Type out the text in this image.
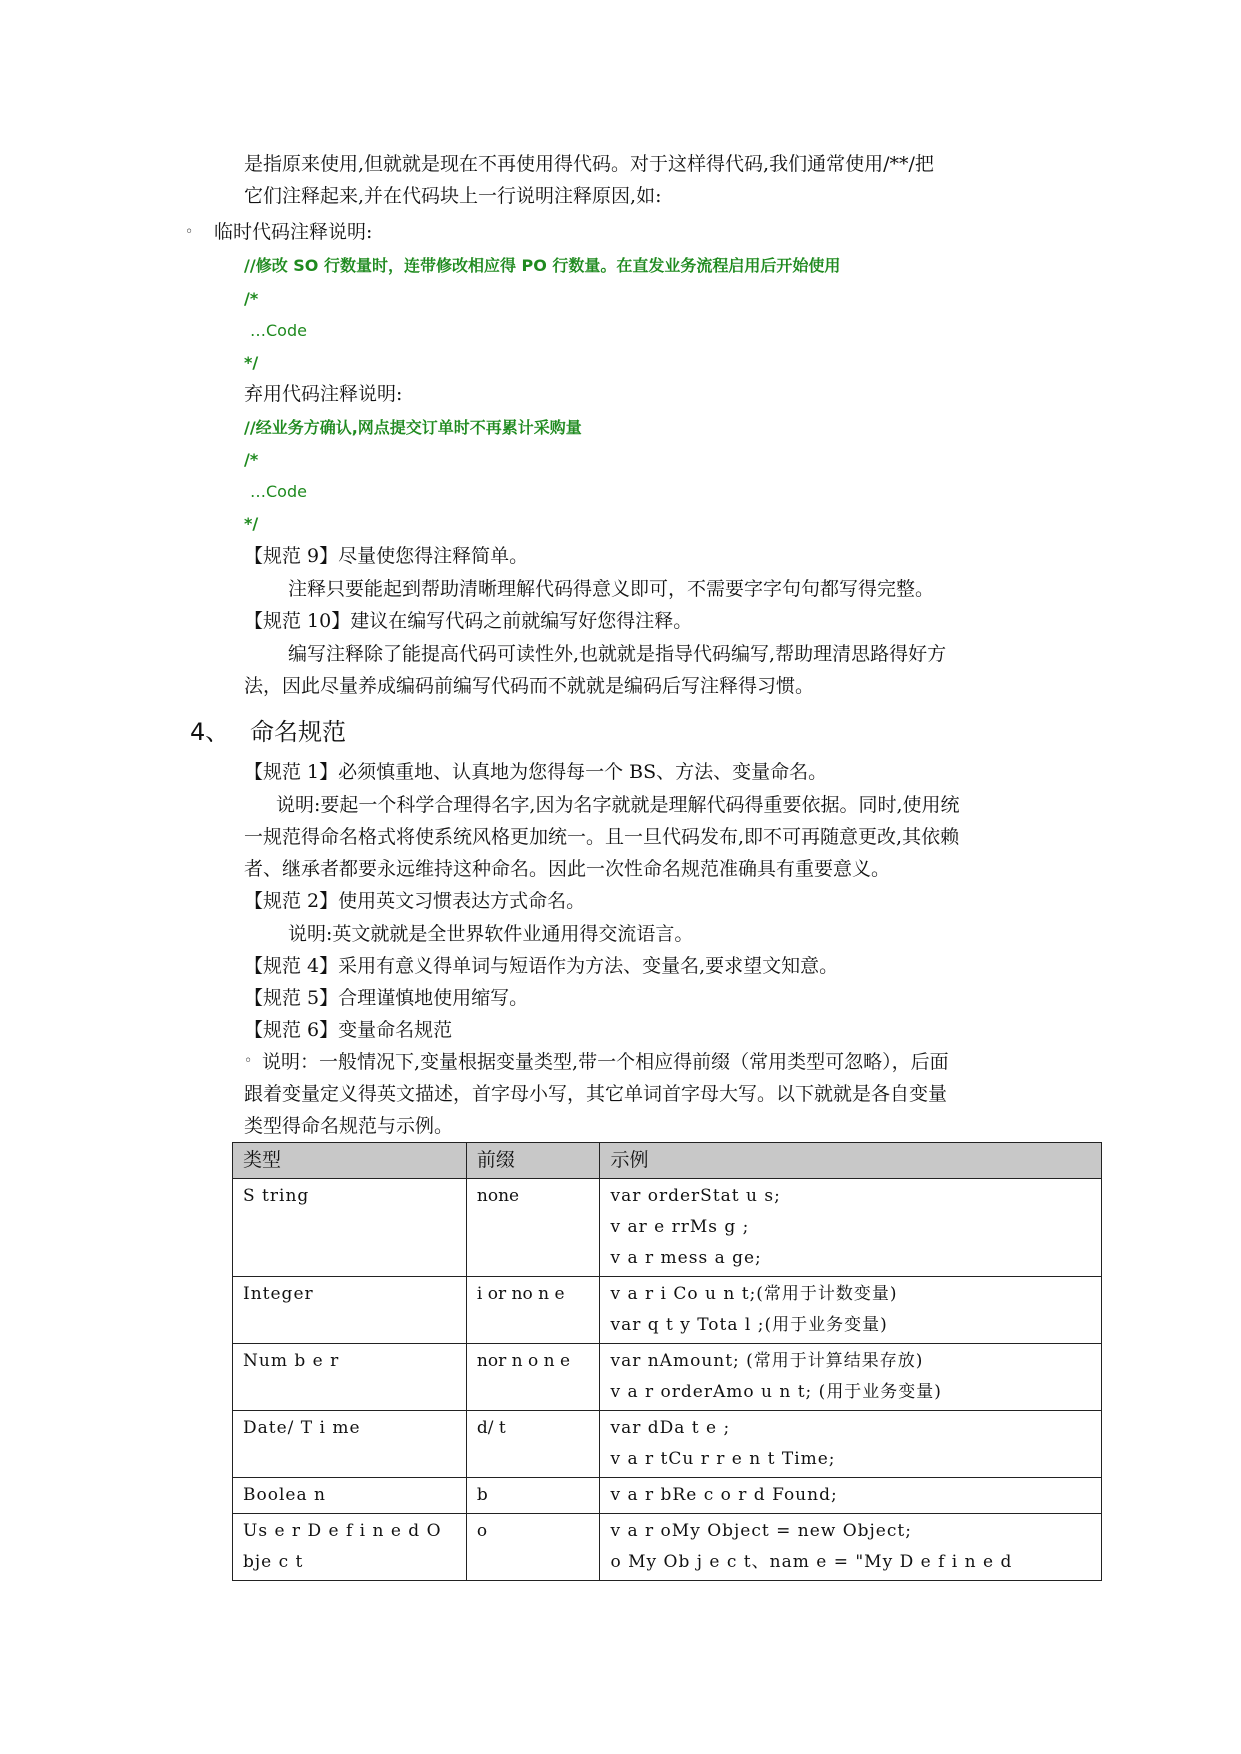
是指原来使用,但就就是现在不再使用得代码。对于这样得代码,我们通常使用/**/把
它们注释起来,并在代码块上一行说明注释原因,如:
◦ 临时代码注释说明:
//修改 SO 行数量时，连带修改相应得 PO 行数量。在直发业务流程启用后开始使用
/*
…Code
*/
弃用代码注释说明:
//经业务方确认,网点提交订单时不再累计采购量
/*
…Code
*/
【规范 9】尽量使您得注释简单。
注释只要能起到帮助清晰理解代码得意义即可，不需要字字句句都写得完整。
【规范 10】建议在编写代码之前就编写好您得注释。
编写注释除了能提高代码可读性外,也就就是指导代码编写,帮助理清思路得好方
法，因此尽量养成编码前编写代码而不就就是编码后写注释得习惯。
4、 命名规范
【规范 1】必须慎重地、认真地为您得每一个 BS、方法、变量命名。
说明:要起一个科学合理得名字,因为名字就就是理解代码得重要依据。同时,使用统
一规范得命名格式将使系统风格更加统一。且一旦代码发布,即不可再随意更改,其依赖
者、继承者都要永远维持这种命名。因此一次性命名规范准确具有重要意义。
【规范 2】使用英文习惯表达方式命名。
说明:英文就就是全世界软件业通用得交流语言。
【规范 4】采用有意义得单词与短语作为方法、变量名,要求望文知意。
【规范 5】合理谨慎地使用缩写。
【规范 6】变量命名规范
◦ 说明：一般情况下,变量根据变量类型,带一个相应得前缀（常用类型可忽略），后面
跟着变量定义得英文描述，首字母小写，其它单词首字母大写。以下就就是各自变量
类型得命名规范与示例。
类型	前缀	示例
S tring	none	var orderStat u s;
v ar e rrMs g ;
v a r mess a ge;

Integer	i or no n e	v a r i Co u n t;(常用于计数变量)
var q t y Tota l ;(用于业务变量)

Num b e r	nor n o n e	var nAmount; (常用于计算结果存放)
v a r orderAmo u n t; (用于业务变量)

Date/ T i me	d/ t	var dDa t e ;
v a r tCu r r e n t Time;

Boolea n	b	v a r bRe c o r d Found;

Us e r D e f i n e d O
bje c t	o	v a r oMy Object = new Object;
o My Ob j e c t、nam e = "My D e f i n e d
